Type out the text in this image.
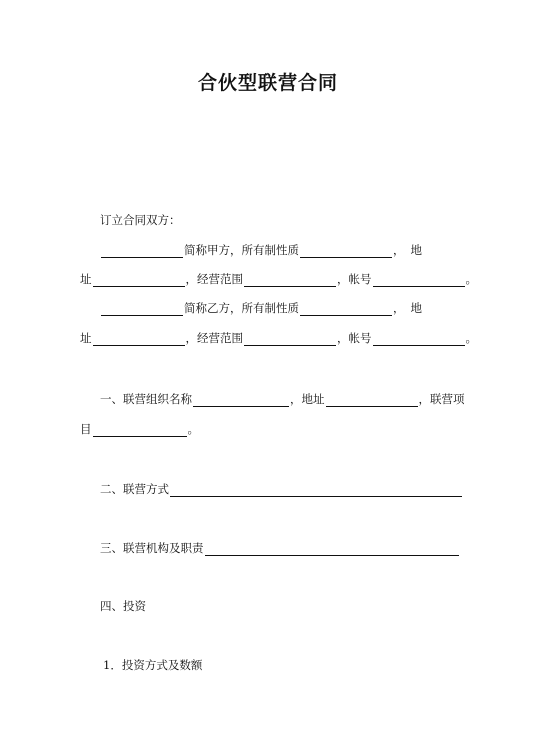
合伙型联营合同
订立合同双方：
简称甲方，所有制性质	， 地
址	，经营范围	，帐号	。
简称乙方，所有制性质	， 地
址	，经营范围	，帐号	。
一、联营组织名称	，地址	，联营项
目	。
二、联营方式
三、联营机构及职责
四、投资
1．投资方式及数额
